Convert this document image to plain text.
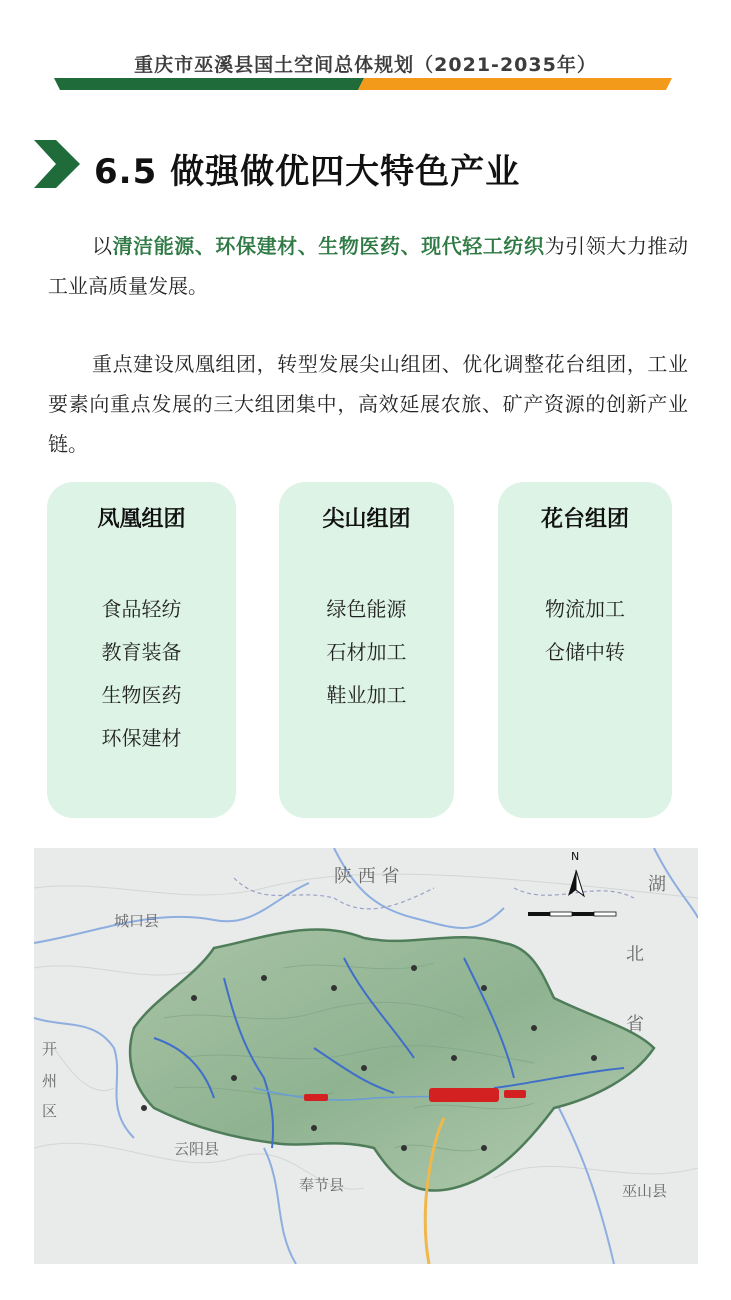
重庆市巫溪县国土空间总体规划（2021-2035年）
6.5 做强做优四大特色产业

以清洁能源、环保建材、生物医药、现代轻工纺织为引领大力推动工业高质量发展。

重点建设凤凰组团，转型发展尖山组团、优化调整花台组团，工业要素向重点发展的三大组团集中，高效延展农旅、矿产资源的创新产业链。

凤凰组团
食品轻纺
教育装备
生物医药
环保建材
尖山组团
绿色能源
石材加工
鞋业加工
花台组团
物流加工
仓储中转
陕 西 省	湖
北
省
城口县
云阳县
奉节县	巫山县
开
州
区
N
